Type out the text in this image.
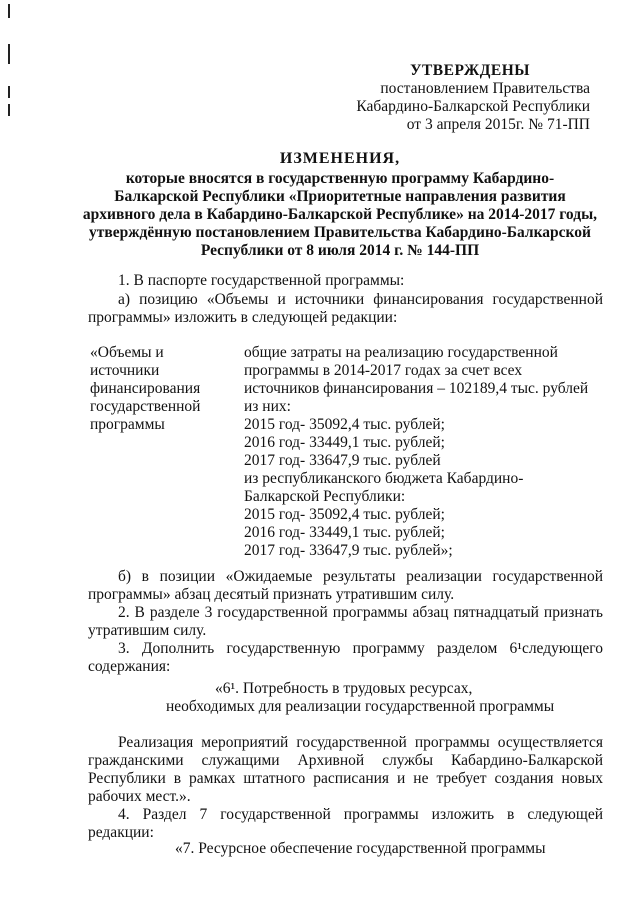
УТВЕРЖДЕНЫ
постановлением Правительства
Кабардино-Балкарской Республики
от 3 апреля 2015г. № 71-ПП
ИЗМЕНЕНИЯ,
которые вносятся в государственную программу Кабардино-
Балкарской Республики «Приоритетные направления развития
архивного дела в Кабардино-Балкарской Республике» на 2014-2017 годы,
утверждённую постановлением Правительства Кабардино-Балкарской
Республики от 8 июля 2014 г. № 144-ПП
1. В паспорте государственной программы:
а) позицию «Объемы и источники финансирования государственной программы» изложить в следующей редакции:
«Объемы и
источники
финансирования
государственной
программы
общие затраты на реализацию государственной
программы в 2014-2017 годах за счет всех
источников финансирования – 102189,4 тыс. рублей
из них:
2015 год- 35092,4 тыс. рублей;
2016 год- 33449,1 тыс. рублей;
2017 год- 33647,9 тыс. рублей
из республиканского бюджета Кабардино-
Балкарской Республики:
2015 год- 35092,4 тыс. рублей;
2016 год- 33449,1 тыс. рублей;
2017 год- 33647,9 тыс. рублей»;
б) в позиции «Ожидаемые результаты реализации государственной программы» абзац десятый признать утратившим силу.
2. В разделе 3 государственной программы абзац пятнадцатый признать утратившим силу.
3. Дополнить государственную программу разделом 6¹следующего содержания:
«6¹. Потребность в трудовых ресурсах,
необходимых для реализации государственной программы
Реализация мероприятий государственной программы осуществляется гражданскими служащими Архивной службы Кабардино-Балкарской Республики в рамках штатного расписания и не требует создания новых рабочих мест.».
4. Раздел 7 государственной программы изложить в следующей редакции:
«7. Ресурсное обеспечение государственной программы
